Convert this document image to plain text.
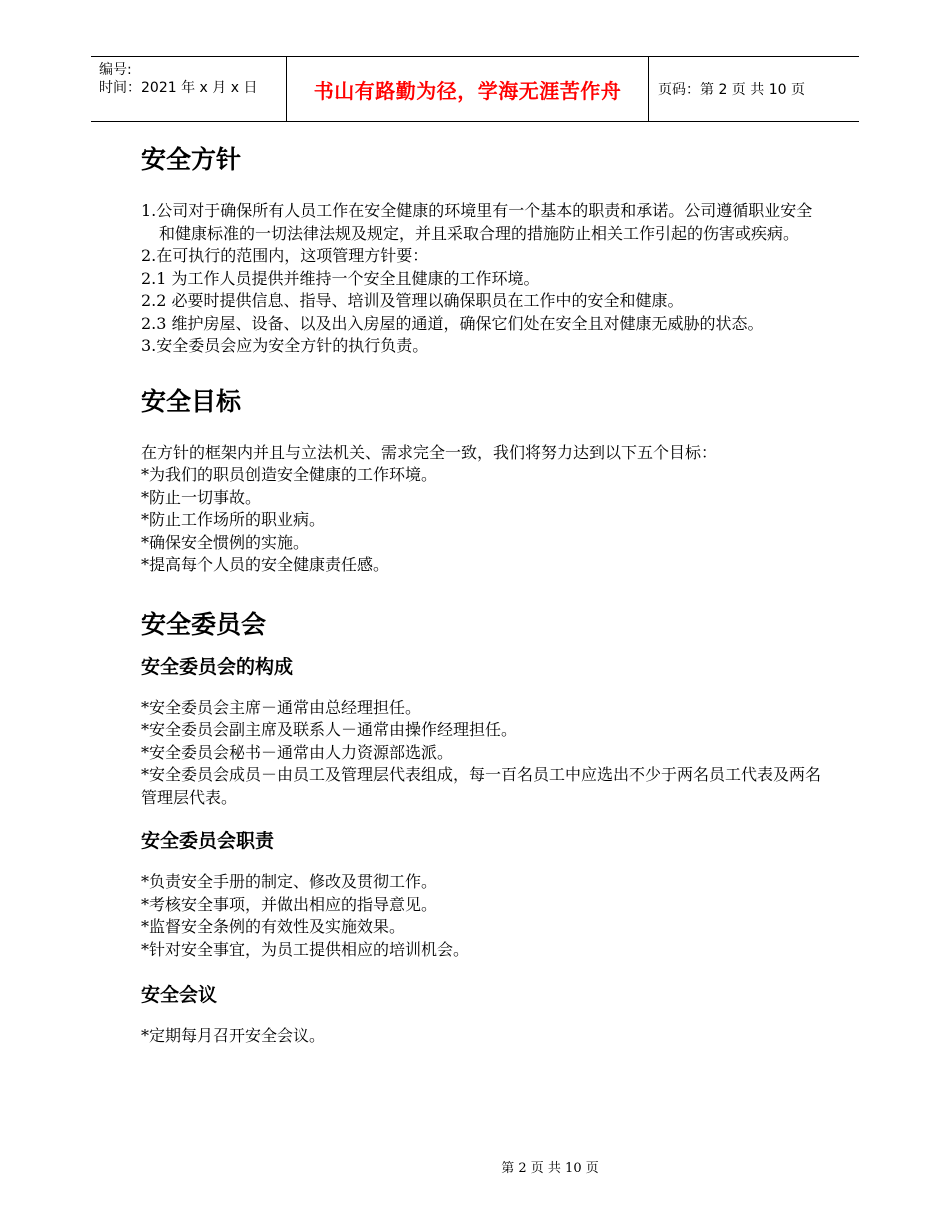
编号:
时间：2021 年 x 月 x 日	书山有路勤为径，学海无涯苦作舟	页码：第 2 页 共 10 页
安全方针

1.公司对于确保所有人员工作在安全健康的环境里有一个基本的职责和承诺。公司遵循职业安全和健康标准的一切法律法规及规定，并且采取合理的措施防止相关工作引起的伤害或疾病。

2.在可执行的范围内，这项管理方针要：

2.1 为工作人员提供并维持一个安全且健康的工作环境。

2.2 必要时提供信息、指导、培训及管理以确保职员在工作中的安全和健康。

2.3 维护房屋、设备、以及出入房屋的通道，确保它们处在安全且对健康无威胁的状态。

3.安全委员会应为安全方针的执行负责。

安全目标

在方针的框架内并且与立法机关、需求完全一致，我们将努力达到以下五个目标：

*为我们的职员创造安全健康的工作环境。

*防止一切事故。

*防止工作场所的职业病。

*确保安全惯例的实施。

*提高每个人员的安全健康责任感。

安全委员会
安全委员会的构成

*安全委员会主席－通常由总经理担任。

*安全委员会副主席及联系人－通常由操作经理担任。

*安全委员会秘书－通常由人力资源部选派。

*安全委员会成员－由员工及管理层代表组成，每一百名员工中应选出不少于两名员工代表及两名管理层代表。

安全委员会职责

*负责安全手册的制定、修改及贯彻工作。

*考核安全事项，并做出相应的指导意见。

*监督安全条例的有效性及实施效果。

*针对安全事宜，为员工提供相应的培训机会。

安全会议

*定期每月召开安全会议。

第 2 页 共 10 页
